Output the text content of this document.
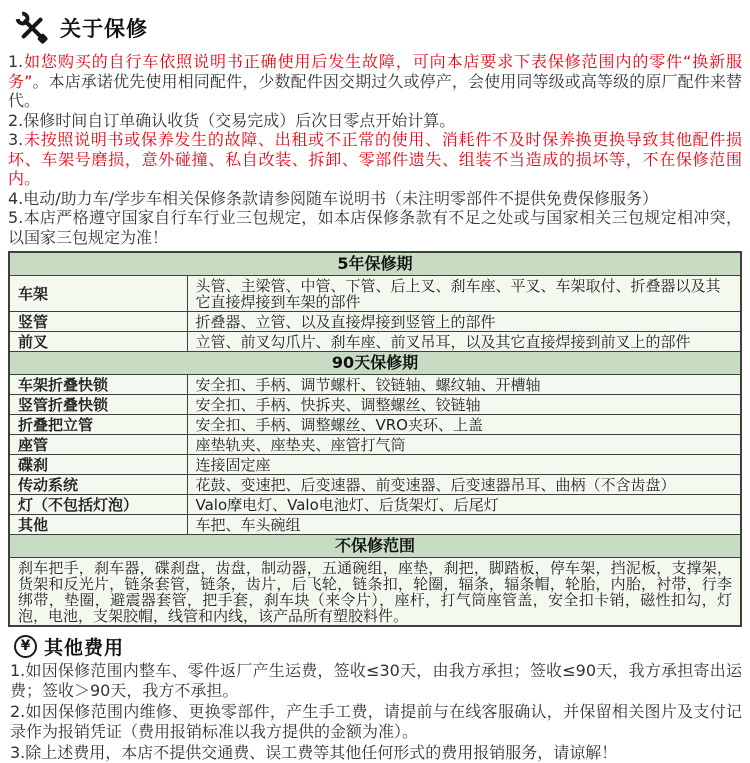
关于保修

1.如您购买的自行车依照说明书正确使用后发生故障，可向本店要求下表保修范围内的零件“换新服务”。本店承诺优先使用相同配件，少数配件因交期过久或停产，会使用同等级或高等级的原厂配件来替代。

2.保修时间自订单确认收货（交易完成）后次日零点开始计算。

3.未按照说明书或保养发生的故障、出租或不正常的使用、消耗件不及时保养换更换导致其他配件损坏、车架号磨损，意外碰撞、私自改装、拆卸、零部件遗失、组装不当造成的损坏等，不在保修范围内。

4.电动/助力车/学步车相关保修条款请参阅随车说明书（未注明零部件不提供免费保修服务）

5.本店严格遵守国家自行车行业三包规定，如本店保修条款有不足之处或与国家相关三包规定相冲突，以国家三包规定为准！

5年保修期	
车架	头管、主梁管、中管、下管、后上叉、刹车座、平叉、车架取付、折叠器以及其它直接焊接到车架的部件
竖管	折叠器、立管、以及直接焊接到竖管上的部件
前叉	立管、前叉勾爪片、刹车座、前叉吊耳，以及其它直接焊接到前叉上的部件
90天保修期	
车架折叠快锁	安全扣、手柄、调节螺杆、铰链轴、螺纹轴、开槽轴
竖管折叠快锁	安全扣、手柄、快拆夹、调整螺丝、铰链轴
折叠把立管	安全扣、手柄、调整螺丝、VRO夹环、上盖
座管	座垫轨夹、座垫夹、座管打气筒
碟刹	连接固定座
传动系统	花鼓、变速把、后变速器、前变速器、后变速器吊耳、曲柄（不含齿盘）
灯（不包括灯泡）	Valo摩电灯、Valo电池灯、后货架灯、后尾灯
其他	车把、车头碗组
不保修范围	
刹车把手，刹车器，碟刹盘，齿盘，制动器，五通碗组，座垫，刹把，脚踏板，停车架，挡泥板，支撑架，货架和反光片，链条套管，链条，齿片，后飞轮，链条扣，轮圈，辐条，辐条帽，轮胎，内胎，衬带，行李绑带，垫圈，避震器套管，把手套，刹车块（来令片），座杆，打气筒座管盖，安全扣卡销，磁性扣勾，灯泡，电池，支架胶帽，线管和内线，该产品所有塑胶料件。	
¥ 其他费用

1.如因保修范围内整车、零件返厂产生运费，签收≤30天，由我方承担；签收≤90天，我方承担寄出运费；签收＞90天，我方不承担。

2.如因保修范围内维修、更换零部件，产生手工费，请提前与在线客服确认，并保留相关图片及支付记录作为报销凭证（费用报销标准以我方提供的金额为准）。

3.除上述费用，本店不提供交通费、误工费等其他任何形式的费用报销服务，请谅解！
